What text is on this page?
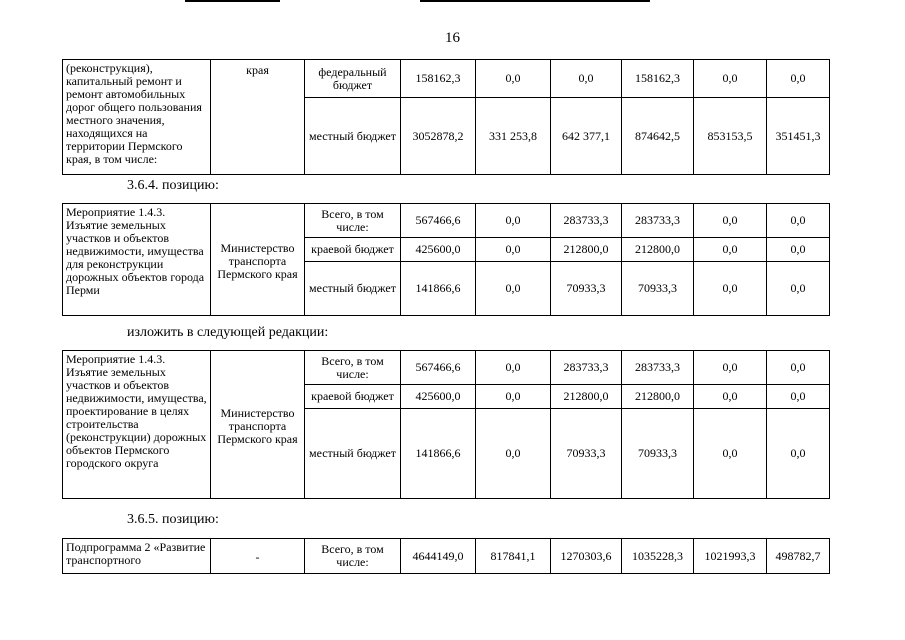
16
(реконструкция), капитальный ремонт и ремонт автомобильных дорог общего пользования местного значения, находящихся на территории Пермского края, в том числе:	края	федеральный бюджет	158162,3	0,0	0,0	158162,3	0,0	0,0
		местный бюджет	3052878,2	331 253,8	642 377,1	874642,5	853153,5	351451,3
3.6.4. позицию:
Мероприятие 1.4.3. Изъятие земельных участков и объектов недвижимости, имущества для реконструкции дорожных объектов города Перми	Министерство транспорта Пермского края	Всего, в том числе:	567466,6	0,0	283733,3	283733,3	0,0	0,0
		краевой бюджет	425600,0	0,0	212800,0	212800,0	0,0	0,0
		местный бюджет	141866,6	0,0	70933,3	70933,3	0,0	0,0
изложить в следующей редакции:
Мероприятие 1.4.3. Изъятие земельных участков и объектов недвижимости, имущества, проектирование в целях строительства (реконструкции) дорожных объектов Пермского городского округа	Министерство транспорта Пермского края	Всего, в том числе:	567466,6	0,0	283733,3	283733,3	0,0	0,0
		краевой бюджет	425600,0	0,0	212800,0	212800,0	0,0	0,0
		местный бюджет	141866,6	0,0	70933,3	70933,3	0,0	0,0
3.6.5. позицию:
Подпрограмма 2 «Развитие транспортного	-	Всего, в том числе:	4644149,0	817841,1	1270303,6	1035228,3	1021993,3	498782,7
